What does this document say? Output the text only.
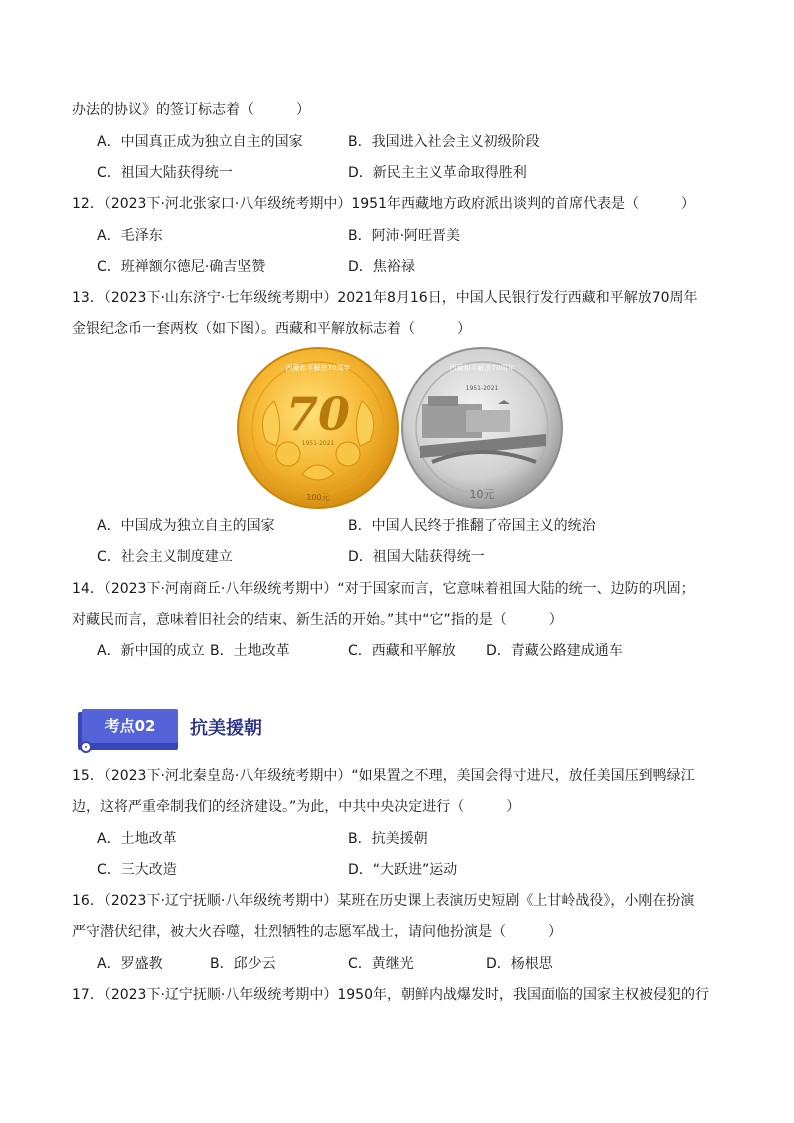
办法的协议》的签订标志着（　　　）
A．中国真正成为独立自主的国家	B．我国进入社会主义初级阶段
C．祖国大陆获得统一	D．新民主主义革命取得胜利
12．（2023下·河北张家口·八年级统考期中）1951年西藏地方政府派出谈判的首席代表是（　　　）
A．毛泽东	B．阿沛·阿旺晋美
C．班禅额尔德尼·确吉坚赞	D．焦裕禄
13．（2023下·山东济宁·七年级统考期中）2021年8月16日，中国人民银行发行西藏和平解放70周年
金银纪念币一套两枚（如下图）。西藏和平解放标志着（　　　）
70
1951-2021
100元
西藏和平解放70周年
1951-2021
10元
西藏和平解放70周年
A．中国成为独立自主的国家	B．中国人民终于推翻了帝国主义的统治
C．社会主义制度建立	D．祖国大陆获得统一
14．（2023下·河南商丘·八年级统考期中）“对于国家而言，它意味着祖国大陆的统一、边防的巩固；
对藏民而言，意味着旧社会的结束、新生活的开始。”其中“它”指的是（　　　）
A．新中国的成立 B．土地改革	C．西藏和平解放 D．青藏公路建成通车
考点02	抗美援朝
15．（2023下·河北秦皇岛·八年级统考期中）“如果置之不理，美国会得寸进尺，放任美国压到鸭绿江
边，这将严重牵制我们的经济建设。”为此，中共中央决定进行（　　　）
A．土地改革	B．抗美援朝
C．三大改造	D．“大跃进”运动
16．（2023下·辽宁抚顺·八年级统考期中）某班在历史课上表演历史短剧《上甘岭战役》，小刚在扮演
严守潜伏纪律，被大火吞噬，壮烈牺牲的志愿军战士，请问他扮演是（　　　）
A．罗盛教	B．邱少云	C．黄继光	D．杨根思
17．（2023下·辽宁抚顺·八年级统考期中）1950年，朝鲜内战爆发时，我国面临的国家主权被侵犯的行
